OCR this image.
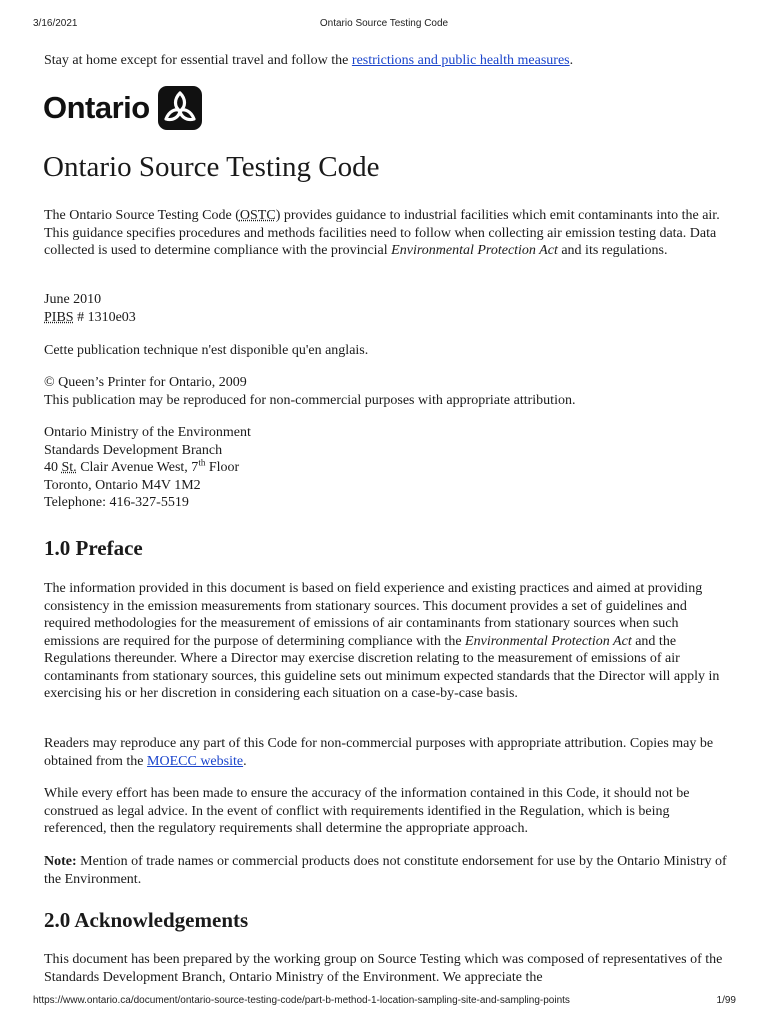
3/16/2021	Ontario Source Testing Code

Stay at home except for essential travel and follow the restrictions and public health measures.

Ontario
Ontario Source Testing Code

The Ontario Source Testing Code (OSTC) provides guidance to industrial facilities which emit contaminants into the air. This guidance specifies procedures and methods facilities need to follow when collecting air emission testing data. Data collected is used to determine compliance with the provincial Environmental Protection Act and its regulations.

June 2010

PIBS # 1310e03

Cette publication technique n'est disponible qu'en anglais.

© Queen’s Printer for Ontario, 2009

This publication may be reproduced for non-commercial purposes with appropriate attribution.

Ontario Ministry of the Environment

Standards Development Branch

40 St. Clair Avenue West, 7th Floor

Toronto, Ontario M4V 1M2

Telephone: 416-327-5519

1.0 Preface

The information provided in this document is based on field experience and existing practices and aimed at providing consistency in the emission measurements from stationary sources. This document provides a set of guidelines and required methodologies for the measurement of emissions of air contaminants from stationary sources when such emissions are required for the purpose of determining compliance with the Environmental Protection Act and the Regulations thereunder. Where a Director may exercise discretion relating to the measurement of emissions of air contaminants from stationary sources, this guideline sets out minimum expected standards that the Director will apply in exercising his or her discretion in considering each situation on a case-by-case basis.

Readers may reproduce any part of this Code for non-commercial purposes with appropriate attribution. Copies may be obtained from the MOECC website.

While every effort has been made to ensure the accuracy of the information contained in this Code, it should not be construed as legal advice. In the event of conflict with requirements identified in the Regulation, which is being referenced, then the regulatory requirements shall determine the appropriate approach.

Note: Mention of trade names or commercial products does not constitute endorsement for use by the Ontario Ministry of the Environment.

2.0 Acknowledgements

This document has been prepared by the working group on Source Testing which was composed of representatives of the Standards Development Branch, Ontario Ministry of the Environment. We appreciate the

https://www.ontario.ca/document/ontario-source-testing-code/part-b-method-1-location-sampling-site-and-sampling-points	1/99
